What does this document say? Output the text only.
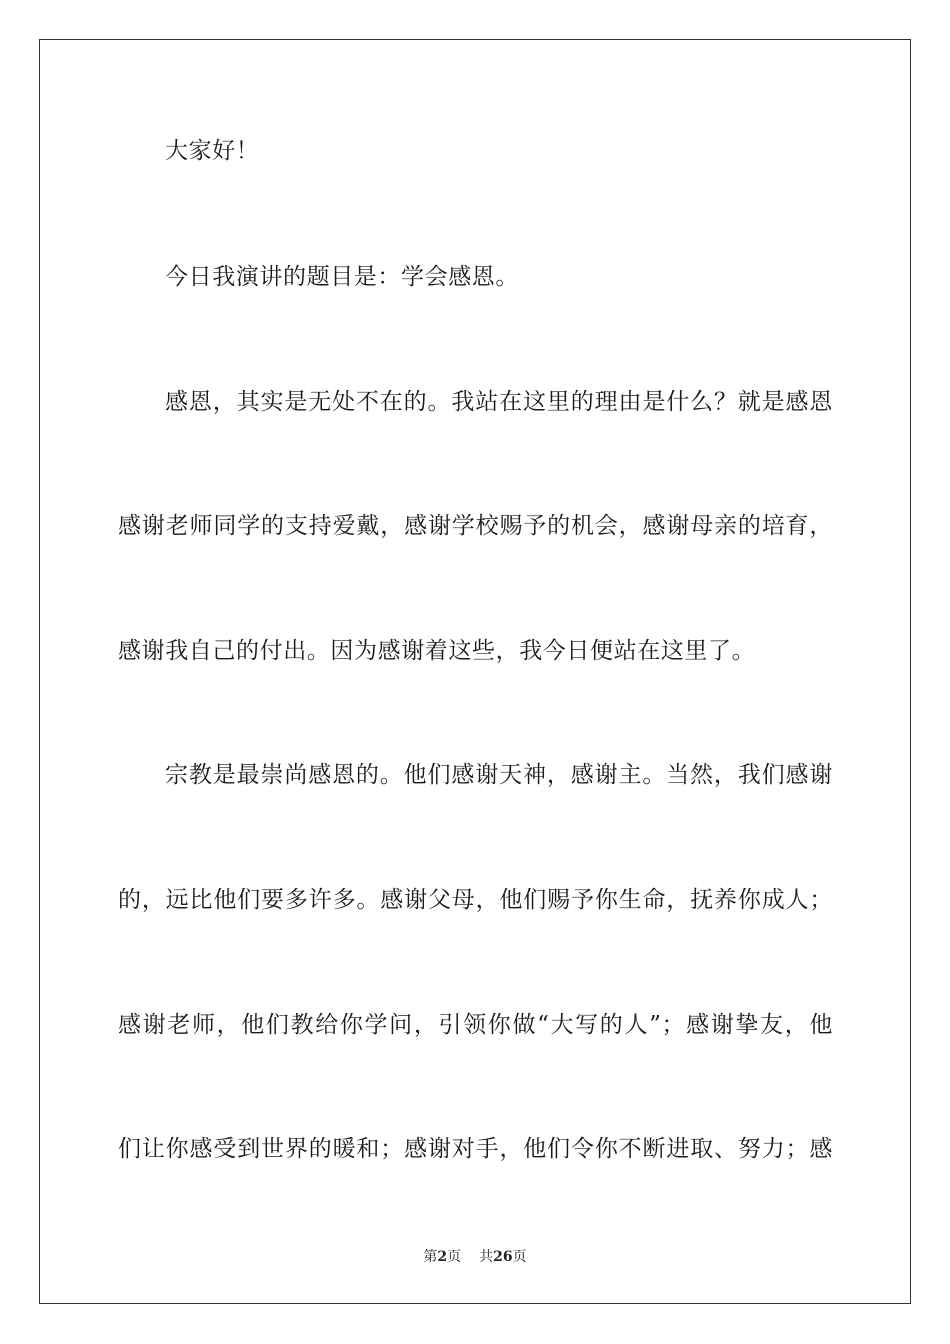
大家好！
今日我演讲的题目是：学会感恩。
感恩，其实是无处不在的。我站在这里的理由是什么？就是感恩
感谢老师同学的支持爱戴，感谢学校赐予的机会，感谢母亲的培育，
感谢我自己的付出。因为感谢着这些，我今日便站在这里了。
宗教是最崇尚感恩的。他们感谢天神，感谢主。当然，我们感谢
的，远比他们要多许多。感谢父母，他们赐予你生命，抚养你成人；
感谢老师，他们教给你学问，引领你做“大写的人”；感谢挚友，他
们让你感受到世界的暖和；感谢对手，他们令你不断进取、努力；感
第2页 共26页
